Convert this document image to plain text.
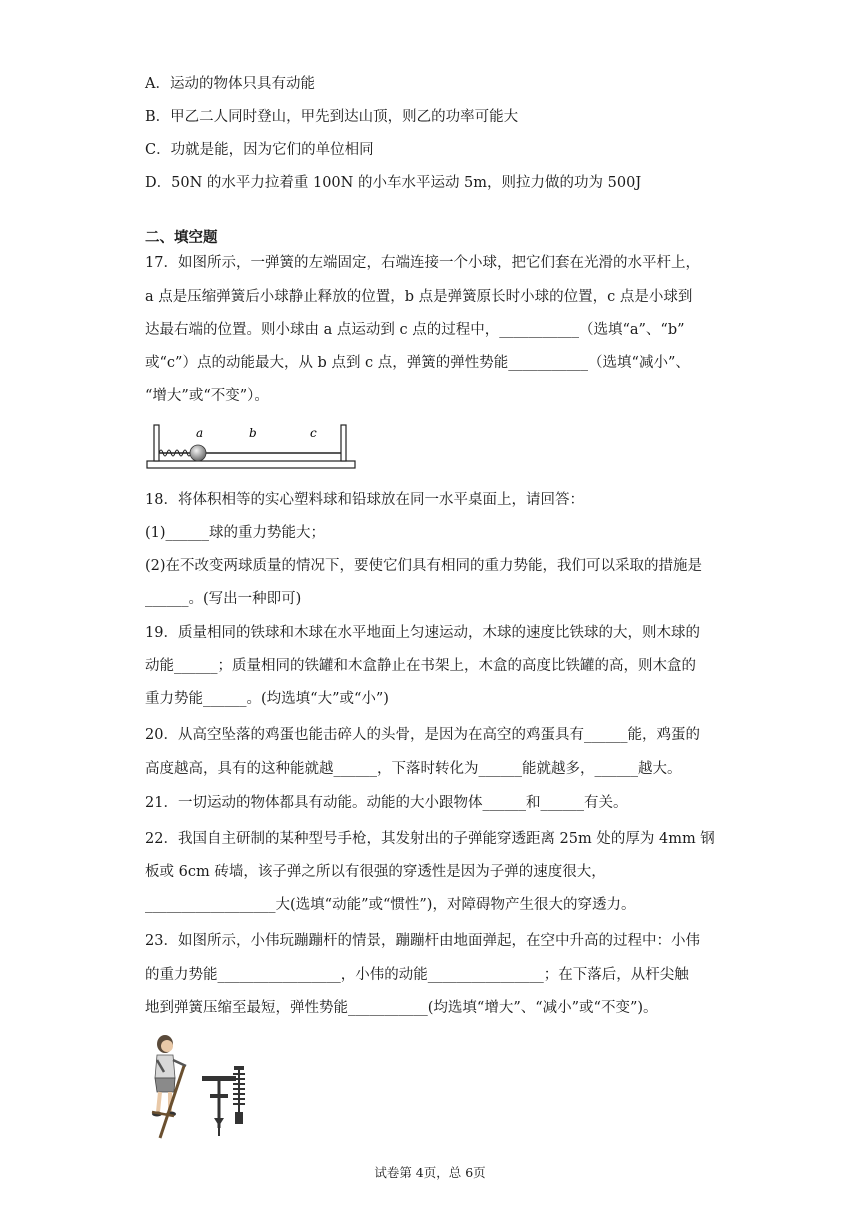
A．运动的物体只具有动能
B．甲乙二人同时登山，甲先到达山顶，则乙的功率可能大
C．功就是能，因为它们的单位相同
D．50N 的水平力拉着重 100N 的小车水平运动 5m，则拉力做的功为 500J
二、填空题
17．如图所示，一弹簧的左端固定，右端连接一个小球，把它们套在光滑的水平杆上，
a 点是压缩弹簧后小球静止释放的位置，b 点是弹簧原长时小球的位置，c 点是小球到
达最右端的位置。则小球由 a 点运动到 c 点的过程中，___________（选填“a”、“b”
或“c”）点的动能最大，从 b 点到 c 点，弹簧的弹性势能___________（选填“减小”、
“增大”或“不变”）。
a	b	c
18．将体积相等的实心塑料球和铅球放在同一水平桌面上，请回答：
(1)______球的重力势能大；
(2)在不改变两球质量的情况下，要使它们具有相同的重力势能，我们可以采取的措施是
______。(写出一种即可)
19．质量相同的铁球和木球在水平地面上匀速运动，木球的速度比铁球的大，则木球的
动能______；质量相同的铁罐和木盒静止在书架上，木盒的高度比铁罐的高，则木盒的
重力势能______。(均选填“大”或“小”)
20．从高空坠落的鸡蛋也能击碎人的头骨，是因为在高空的鸡蛋具有______能，鸡蛋的
高度越高，具有的这种能就越______，下落时转化为______能就越多，______越大。
21．一切运动的物体都具有动能。动能的大小跟物体______和______有关。
22．我国自主研制的某种型号手枪，其发射出的子弹能穿透距离 25m 处的厚为 4mm 钢
板或 6cm 砖墙，该子弹之所以有很强的穿透性是因为子弹的速度很大，
__________________大(选填“动能”或“惯性”)，对障碍物产生很大的穿透力。
23．如图所示，小伟玩蹦蹦杆的情景，蹦蹦杆由地面弹起，在空中升高的过程中：小伟
的重力势能_________________，小伟的动能________________；在下落后，从杆尖触
地到弹簧压缩至最短，弹性势能___________(均选填“增大”、“减小”或“不变”)。
试卷第 4页，总 6页
